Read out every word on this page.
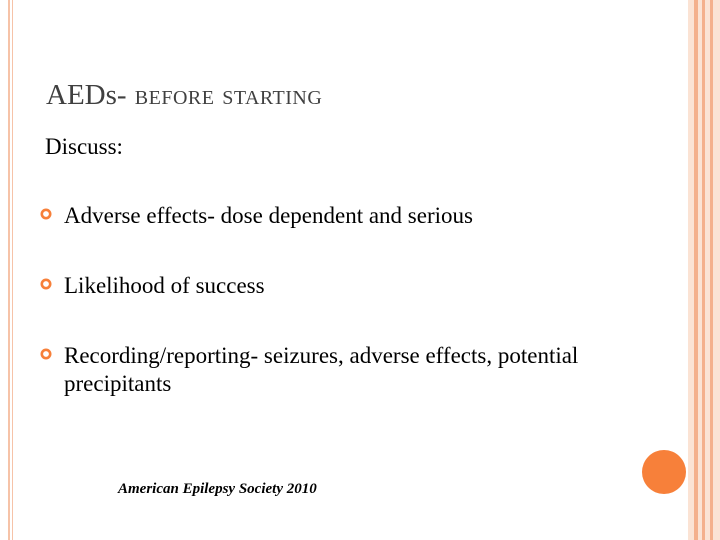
AEDs- before starting
Discuss:
Adverse effects- dose dependent and serious
Likelihood of success
Recording/reporting- seizures, adverse effects, potential precipitants
American Epilepsy Society 2010
